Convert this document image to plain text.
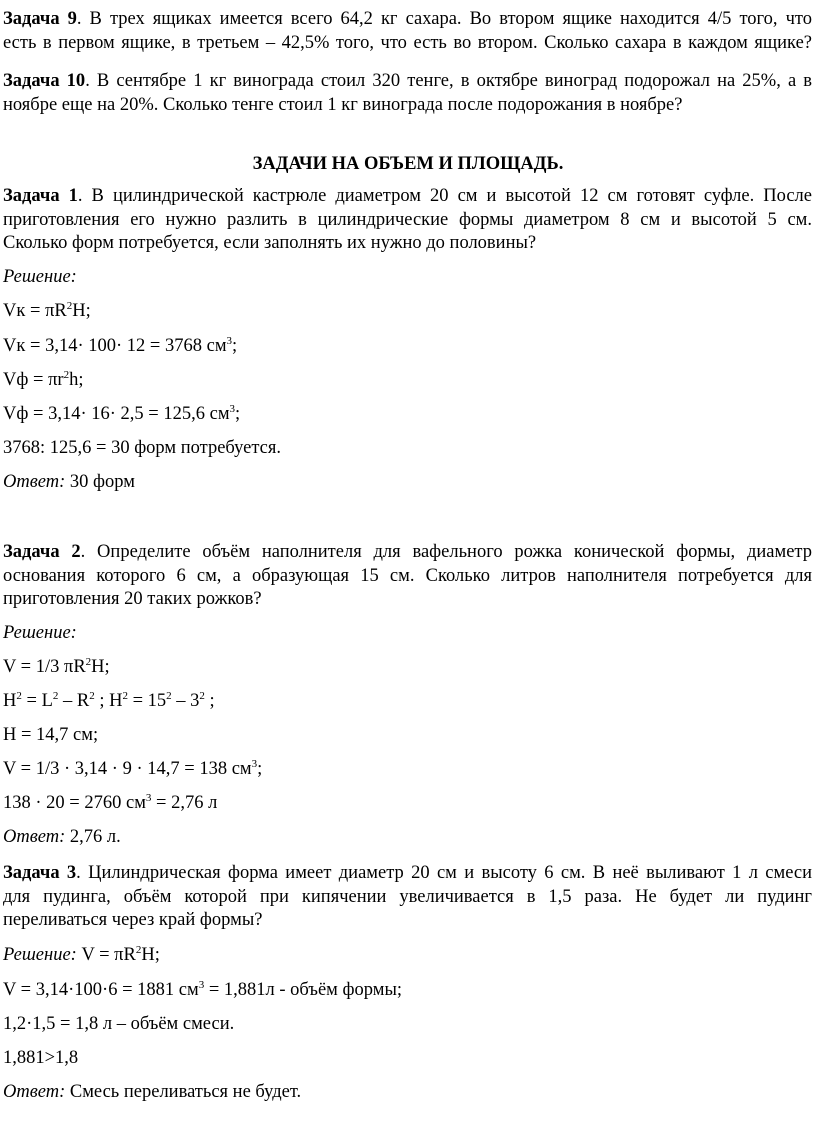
Задача 9. В трех ящиках имеется всего 64,2 кг сахара. Во втором ящике находится 4/5 того, что
есть в первом ящике, в третьем – 42,5% того, что есть во втором. Сколько сахара в каждом ящике?
Задача 10. В сентябре 1 кг винограда стоил 320 тенге, в октябре виноград подорожал на 25%, а в
ноябре еще на 20%. Сколько тенге стоил 1 кг винограда после подорожания в ноябре?
ЗАДАЧИ НА ОБЪЕМ И ПЛОЩАДЬ.
Задача 1. В цилиндрической кастрюле диаметром 20 см и высотой 12 см готовят суфле. После
приготовления его нужно разлить в цилиндрические формы диаметром 8 см и высотой 5 см.
Сколько форм потребуется, если заполнять их нужно до половины?
Решение:
Vк = $\pi R^2H$;
Vк = 3,14· 100· 12 = 3768 $см^3$;
Vф = $\pi r^2h$;
Vф = 3,14· 16· 2,5 = 125,6 $см^3$;
3768: 125,6 = 30 форм потребуется.
Ответ: 30 форм
Задача 2. Определите объём наполнителя для вафельного рожка конической формы, диаметр
основания которого 6 см, а образующая 15 см. Сколько литров наполнителя потребуется для
приготовления 20 таких рожков?
Решение:
V = 1/3 $\pi R^2H$;
$H^2 = L^2 - R^2$ ; $H^2 = 15^2 - 3^2$ ;
H = 14,7 см;
V = 1/3 · 3,14 · 9 · 14,7 = 138 $см^3$;
138 · 20 = 2760 $см^3 = 2,76$ л
Ответ: 2,76 л.
Задача 3. Цилиндрическая форма имеет диаметр 20 см и высоту 6 см. В неё выливают 1 л смеси
для пудинга, объём которой при кипячении увеличивается в 1,5 раза. Не будет ли пудинг
переливаться через край формы?
Решение: $V = \pi R^2H$;
V = 3,14·100·6 = 1881 $см^3 = 1,881л$ - объём формы;
1,2·1,5 = 1,8 л – объём смеси.
1,881>1,8
Ответ: Смесь переливаться не будет.
